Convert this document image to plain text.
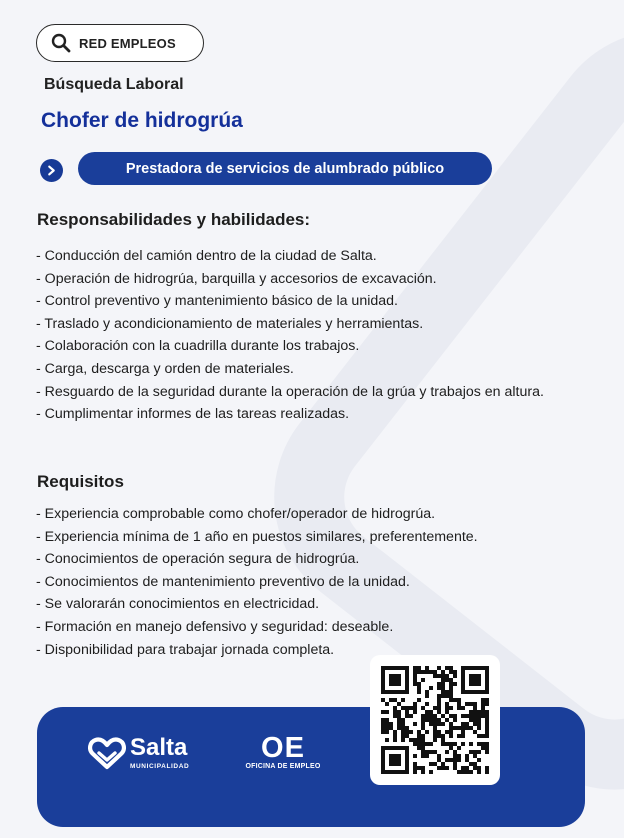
RED EMPLEOS
Búsqueda Laboral
Chofer de hidrogrúa
Prestadora de servicios de alumbrado público
Responsabilidades y habilidades:
- Conducción del camión dentro de la ciudad de Salta.
- Operación de hidrogrúa, barquilla y accesorios de excavación.
- Control preventivo y mantenimiento básico de la unidad.
- Traslado y acondicionamiento de materiales y herramientas.
- Colaboración con la cuadrilla durante los trabajos.
- Carga, descarga y orden de materiales.
- Resguardo de la seguridad durante la operación de la grúa y trabajos en altura.
- Cumplimentar informes de las tareas realizadas.
Requisitos
- Experiencia comprobable como chofer/operador de hidrogrúa.
- Experiencia mínima de 1 año en puestos similares, preferentemente.
- Conocimientos de operación segura de hidrogrúa.
- Conocimientos de mantenimiento preventivo de la unidad.
- Se valorarán conocimientos en electricidad.
- Formación en manejo defensivo y seguridad: deseable.
- Disponibilidad para trabajar jornada completa.
Salta
MUNICIPALIDAD
OE
OFICINA DE EMPLEO
